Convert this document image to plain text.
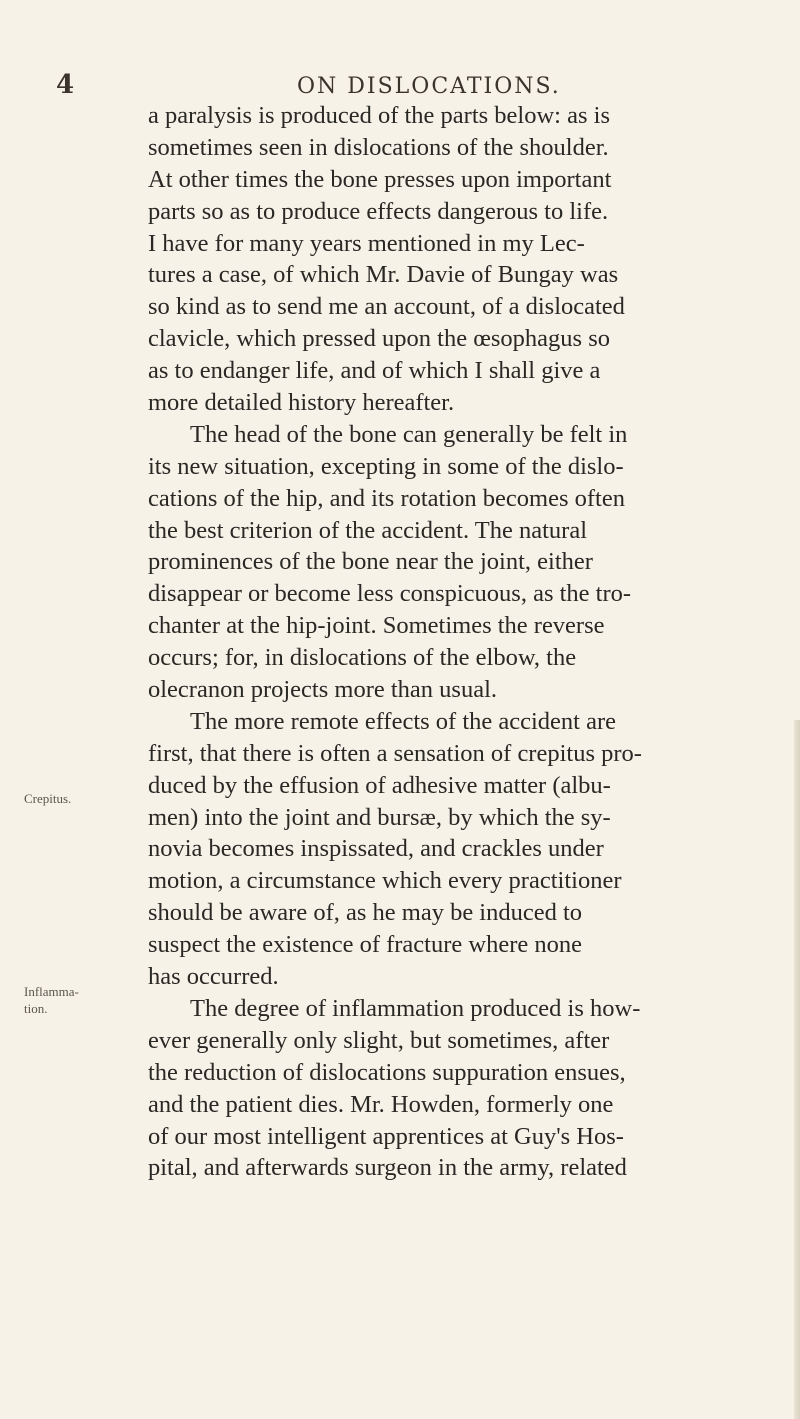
4	ON DISLOCATIONS.
Crepitus.
Inflamma-
tion.
a paralysis is produced of the parts below: as is
sometimes seen in dislocations of the shoulder.
At other times the bone presses upon important
parts so as to produce effects dangerous to life.
I have for many years mentioned in my Lec-
tures a case, of which Mr. Davie of Bungay was
so kind as to send me an account, of a dislocated
clavicle, which pressed upon the œsophagus so
as to endanger life, and of which I shall give a
more detailed history hereafter.
The head of the bone can generally be felt in
its new situation, excepting in some of the dislo-
cations of the hip, and its rotation becomes often
the best criterion of the accident. The natural
prominences of the bone near the joint, either
disappear or become less conspicuous, as the tro-
chanter at the hip-joint. Sometimes the reverse
occurs; for, in dislocations of the elbow, the
olecranon projects more than usual.
The more remote effects of the accident are
first, that there is often a sensation of crepitus pro-
duced by the effusion of adhesive matter (albu-
men) into the joint and bursæ, by which the sy-
novia becomes inspissated, and crackles under
motion, a circumstance which every practitioner
should be aware of, as he may be induced to
suspect the existence of fracture where none
has occurred.
The degree of inflammation produced is how-
ever generally only slight, but sometimes, after
the reduction of dislocations suppuration ensues,
and the patient dies. Mr. Howden, formerly one
of our most intelligent apprentices at Guy's Hos-
pital, and afterwards surgeon in the army, related
